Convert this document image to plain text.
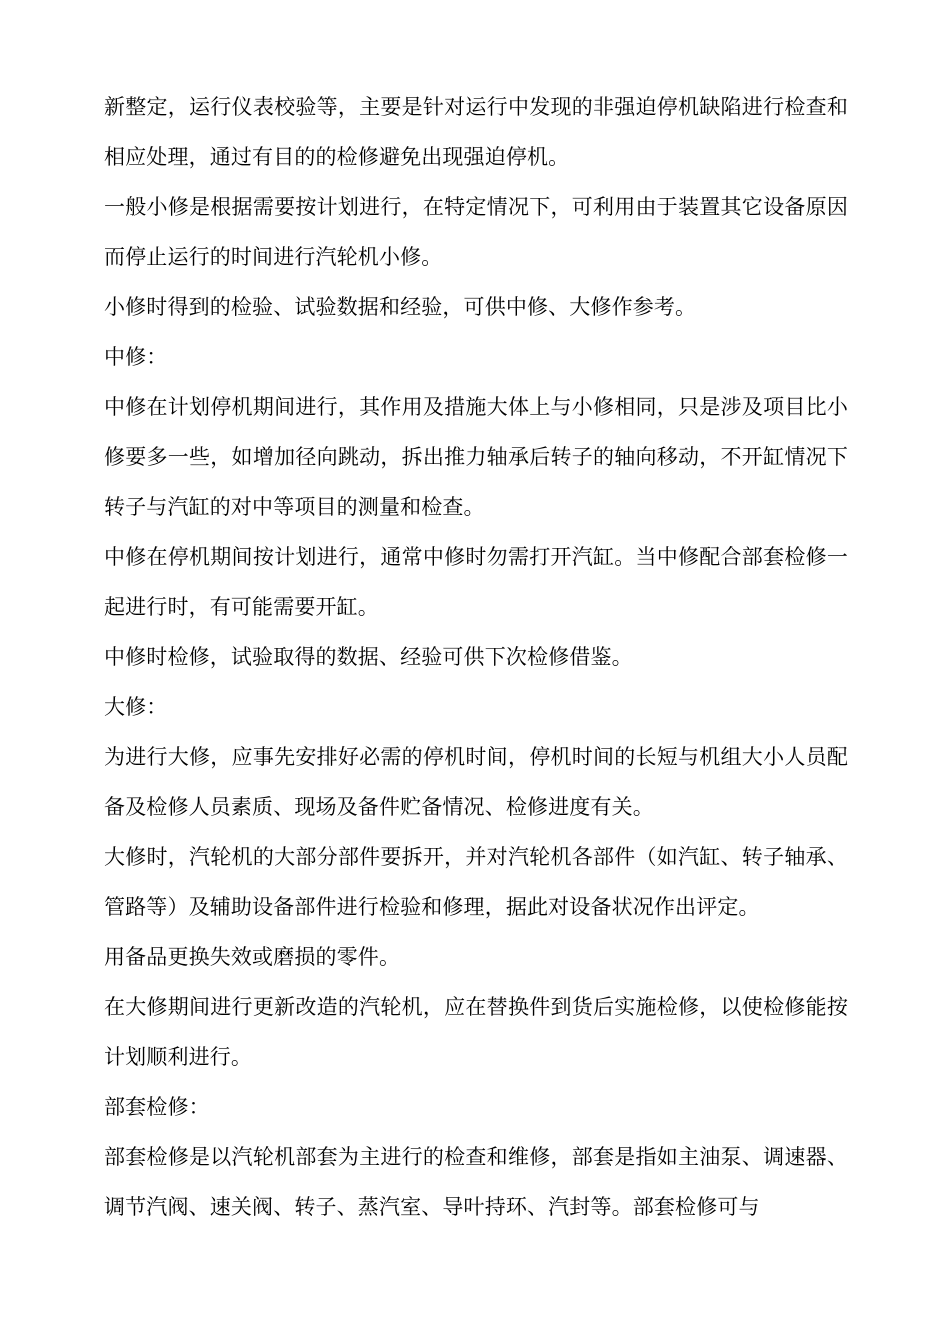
新整定，运行仪表校验等，主要是针对运行中发现的非强迫停机缺陷进行检查和相应处理，通过有目的的检修避免出现强迫停机。

一般小修是根据需要按计划进行，在特定情况下，可利用由于装置其它设备原因而停止运行的时间进行汽轮机小修。

小修时得到的检验、试验数据和经验，可供中修、大修作参考。

中修：

中修在计划停机期间进行，其作用及措施大体上与小修相同，只是涉及项目比小修要多一些，如增加径向跳动，拆出推力轴承后转子的轴向移动，不开缸情况下转子与汽缸的对中等项目的测量和检查。

中修在停机期间按计划进行，通常中修时勿需打开汽缸。当中修配合部套检修一起进行时，有可能需要开缸。

中修时检修，试验取得的数据、经验可供下次检修借鉴。

大修：

为进行大修，应事先安排好必需的停机时间，停机时间的长短与机组大小人员配备及检修人员素质、现场及备件贮备情况、检修进度有关。

大修时，汽轮机的大部分部件要拆开，并对汽轮机各部件（如汽缸、转子轴承、管路等）及辅助设备部件进行检验和修理，据此对设备状况作出评定。

用备品更换失效或磨损的零件。

在大修期间进行更新改造的汽轮机，应在替换件到货后实施检修，以使检修能按计划顺利进行。

部套检修：

部套检修是以汽轮机部套为主进行的检查和维修，部套是指如主油泵、调速器、调节汽阀、速关阀、转子、蒸汽室、导叶持环、汽封等。部套检修可与
